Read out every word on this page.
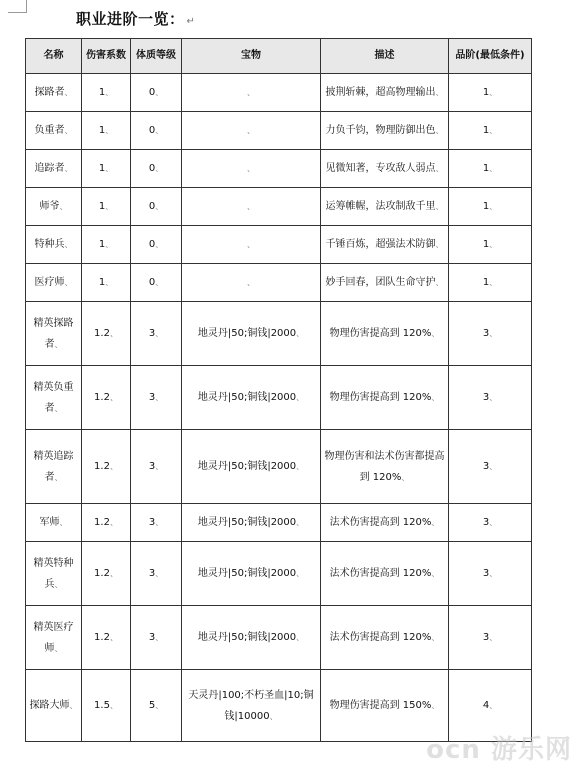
职业进阶一览： ↵
名称	伤害系数	体质等级	宝物	描述	品阶(最低条件)
探路者、	1、	0、	、	披荆斩棘，超高物理输出、	1、
负重者、	1、	0、	、	力负千钧，物理防御出色、	1、
追踪者、	1、	0、	、	见微知著，专攻敌人弱点、	1、
师爷、	1、	0、	、	运筹帷幄，法攻制敌千里、	1、
特种兵、	1、	0、	、	千锤百炼，超强法术防御、	1、
医疗师、	1、	0、	、	妙手回春，团队生命守护、	1、
精英探路者、	1.2、	3、	地灵丹|50;铜钱|2000、	物理伤害提高到 120%、	3、
精英负重者、	1.2、	3、	地灵丹|50;铜钱|2000、	物理伤害提高到 120%、	3、
精英追踪者、	1.2、	3、	地灵丹|50;铜钱|2000、	物理伤害和法术伤害都提高到 120%、	3、
军师、	1.2、	3、	地灵丹|50;铜钱|2000、	法术伤害提高到 120%、	3、
精英特种兵、	1.2、	3、	地灵丹|50;铜钱|2000、	法术伤害提高到 120%、	3、
精英医疗师、	1.2、	3、	地灵丹|50;铜钱|2000、	法术伤害提高到 120%、	3、
探路大师、	1.5、	5、	天灵丹|100;不朽圣血|10;铜钱|10000、	物理伤害提高到 150%、	4、
ocn 游乐网
